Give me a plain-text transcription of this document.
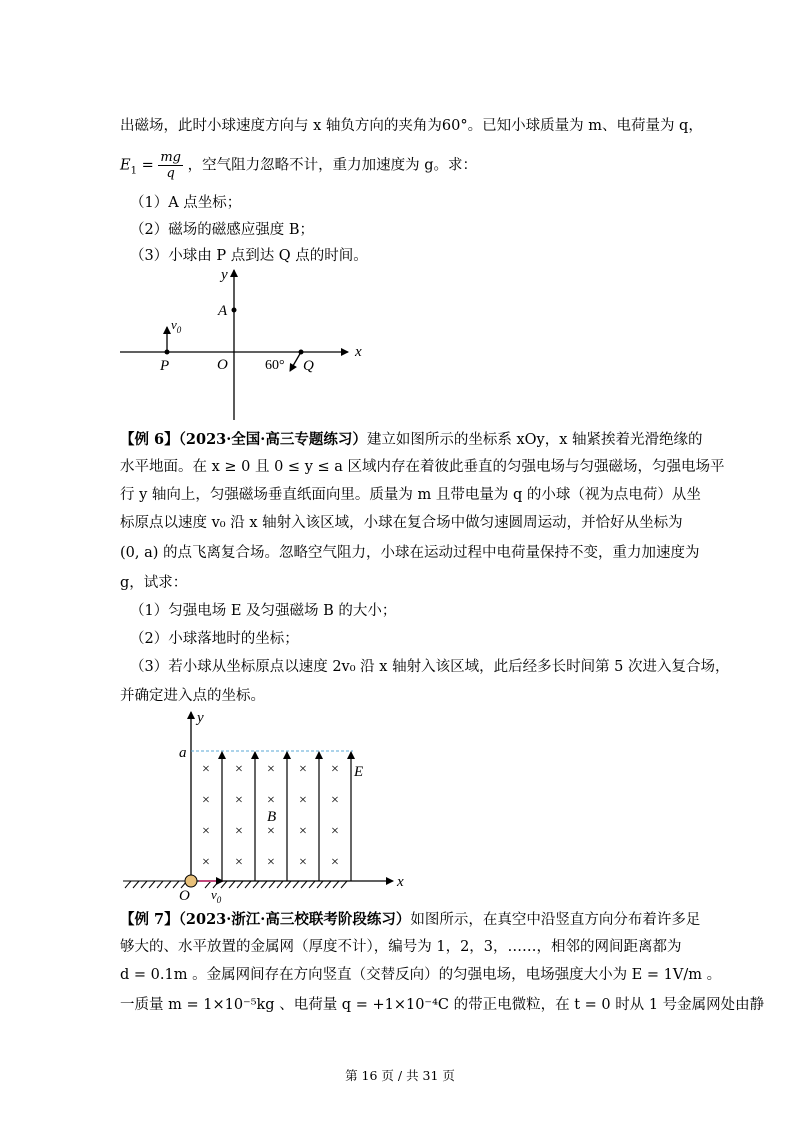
出磁场，此时小球速度方向与 x 轴负方向的夹角为60°。已知小球质量为 m、电荷量为 q，
$E_1 = \frac{mg}{q}$ ，空气阻力忽略不计，重力加速度为 g。求：
（1）A 点坐标；
（2）磁场的磁感应强度 B；
（3）小球由 P 点到达 Q 点的时间。
y
x
A
O
$v_0$
P	60° Q
【例 6】（2023·全国·高三专题练习）建立如图所示的坐标系 xOy，x 轴紧挨着光滑绝缘的
水平地面。在 x ≥ 0 且 0 ≤ y ≤ a 区域内存在着彼此垂直的匀强电场与匀强磁场，匀强电场平
行 y 轴向上，匀强磁场垂直纸面向里。质量为 m 且带电量为 q 的小球（视为点电荷）从坐
标原点以速度 v₀ 沿 x 轴射入该区域，小球在复合场中做匀速圆周运动，并恰好从坐标为
(0, a) 的点飞离复合场。忽略空气阻力，小球在运动过程中电荷量保持不变，重力加速度为
g，试求：
（1）匀强电场 E 及匀强磁场 B 的大小；
（2）小球落地时的坐标；
（3）若小球从坐标原点以速度 2v₀ 沿 x 轴射入该区域，此后经多长时间第 5 次进入复合场，
并确定进入点的坐标。
y
x
a
E
× × × × ×
× × × × ×
× × × × ×
× × × × ×
B
O $v_0$
【例 7】（2023·浙江·高三校联考阶段练习）如图所示，在真空中沿竖直方向分布着许多足
够大的、水平放置的金属网（厚度不计），编号为 1，2，3，……，相邻的网间距离都为
d = 0.1m 。金属网间存在方向竖直（交替反向）的匀强电场，电场强度大小为 E = 1V/m 。
一质量 m = 1×10⁻⁵kg 、电荷量 q = +1×10⁻⁴C 的带正电微粒，在 t = 0 时从 1 号金属网处由静
第 16 页 / 共 31 页
